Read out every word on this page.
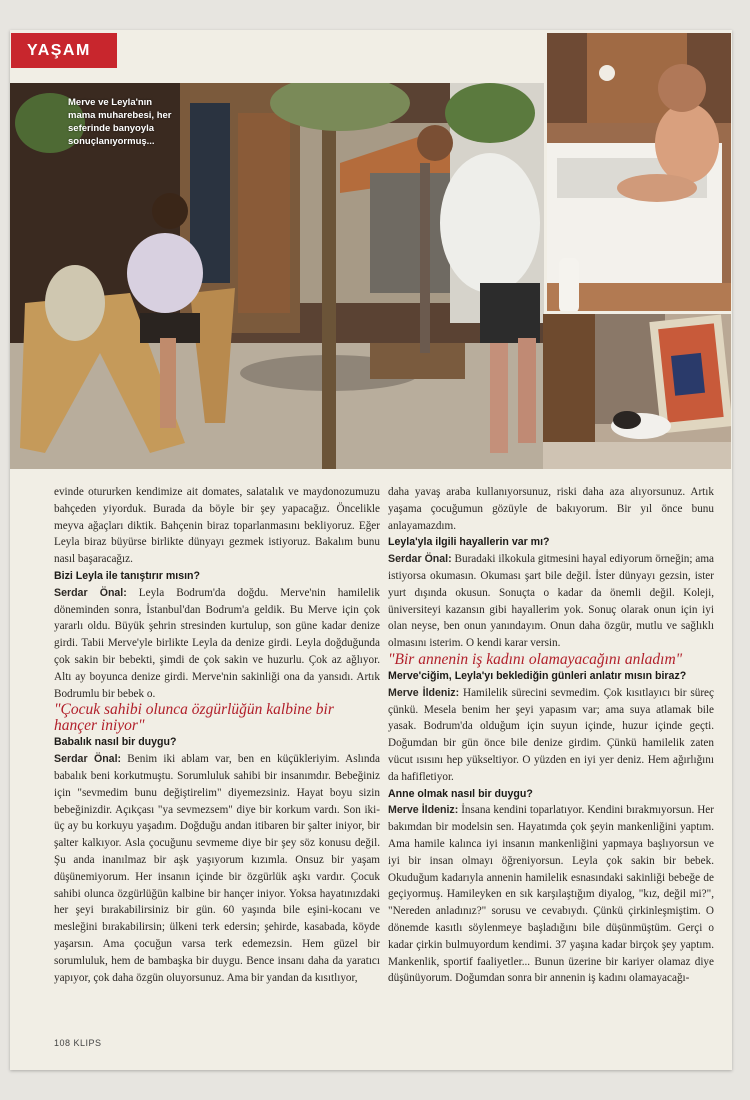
YAŞAM
Merve ve Leyla'nın mama muharebesi, her seferinde banyoyla sonuçlanıyormuş...

evinde otururken kendimize ait domates, salatalık ve maydonozumuzu bahçeden yiyorduk. Burada da böyle bir şey yapacağız. Öncelikle meyva ağaçları diktik. Bahçenin biraz toparlanmasını bekliyoruz. Eğer Leyla biraz büyürse birlikte dünyayı gezmek istiyoruz. Bakalım bunu nasıl başaracağız.

Bizi Leyla ile tanıştırır mısın?

Serdar Önal: Leyla Bodrum'da doğdu. Merve'nin hamilelik döneminden sonra, İstanbul'dan Bodrum'a geldik. Bu Merve için çok yararlı oldu. Büyük şehrin stresinden kurtulup, son güne kadar denize girdi. Tabii Merve'yle birlikte Leyla da denize girdi. Leyla doğduğunda çok sakin bir bebekti, şimdi de çok sakin ve huzurlu. Çok az ağlıyor. Altı ay boyunca denize girdi. Merve'nin sakinliği ona da yansıdı. Artık Bodrumlu bir bebek o.

"Çocuk sahibi olunca özgürlüğün kalbine bir hançer iniyor"

Babalık nasıl bir duygu?

Serdar Önal: Benim iki ablam var, ben en küçükleriyim. Aslında babalık beni korkutmuştu. Sorumluluk sahibi bir insanımdır. Bebeğiniz için "sevmedim bunu değiştirelim" diyemezsiniz. Hayat boyu sizin bebeğinizdir. Açıkçası "ya sevmezsem" diye bir korkum vardı. Son iki-üç ay bu korkuyu yaşadım. Doğduğu andan itibaren bir şalter iniyor, bir şalter kalkıyor. Asla çocuğunu sevmeme diye bir şey söz konusu değil. Şu anda inanılmaz bir aşk yaşıyorum kızımla. Onsuz bir yaşam düşünemiyorum. Her insanın içinde bir özgürlük aşkı vardır. Çocuk sahibi olunca özgürlüğün kalbine bir hançer iniyor. Yoksa hayatınızdaki her şeyi bırakabilirsiniz bir gün. 60 yaşında bile eşini-kocanı ve mesleğini bırakabilirsin; ülkeni terk edersin; şehirde, kasabada, köyde yaşarsın. Ama çocuğun varsa terk edemezsin. Hem güzel bir sorumluluk, hem de bambaşka bir duygu. Bence insanı daha da yaratıcı yapıyor, çok daha özgün oluyorsunuz. Ama bir yandan da kısıtlıyor,

daha yavaş araba kullanıyorsunuz, riski daha aza alıyorsunuz. Artık yaşama çocuğumun gözüyle de bakıyorum. Bir yıl önce bunu anlayamazdım.

Leyla'yla ilgili hayallerin var mı?

Serdar Önal: Buradaki ilkokula gitmesini hayal ediyorum örneğin; ama istiyorsa okumasın. Okuması şart bile değil. İster dünyayı gezsin, ister yurt dışında okusun. Sonuçta o kadar da önemli değil. Koleji, üniversiteyi kazansın gibi hayallerim yok. Sonuç olarak onun için iyi olan neyse, ben onun yanındayım. Onun daha özgür, mutlu ve sağlıklı olmasını isterim. O kendi karar versin.

"Bir annenin iş kadını olamayacağını anladım"

Merve'ciğim, Leyla'yı beklediğin günleri anlatır mısın biraz?

Merve İldeniz: Hamilelik sürecini sevmedim. Çok kısıtlayıcı bir süreç çünkü. Mesela benim her şeyi yapasım var; ama suya atlamak bile yasak. Bodrum'da olduğum için suyun içinde, huzur içinde geçti. Doğumdan bir gün önce bile denize girdim. Çünkü hamilelik zaten vücut ısısını hep yükseltiyor. O yüzden en iyi yer deniz. Hem ağırlığını da hafifletiyor.

Anne olmak nasıl bir duygu?

Merve İldeniz: İnsana kendini toparlatıyor. Kendini bırakmıyorsun. Her bakımdan bir modelsin sen. Hayatımda çok şeyin mankenliğini yaptım. Ama hamile kalınca iyi insanın mankenliğini yapmaya başlıyorsun ve iyi bir insan olmayı öğreniyorsun. Leyla çok sakin bir bebek. Okuduğum kadarıyla annenin hamilelik esnasındaki sakinliği bebeğe de geçiyormuş. Hamileyken en sık karşılaştığım diyalog, "kız, değil mi?", "Nereden anladınız?" sorusu ve cevabıydı. Çünkü çirkinleşmiştim. O dönemde kasıtlı söylenmeye başladığını bile düşünmüştüm. Gerçi o kadar çirkin bulmuyordum kendimi. 37 yaşına kadar birçok şey yaptım. Mankenlik, sportif faaliyetler... Bunun üzerine bir kariyer olamaz diye düşünüyorum. Doğumdan sonra bir annenin iş kadını olamayacağı-

108 KLIPS
